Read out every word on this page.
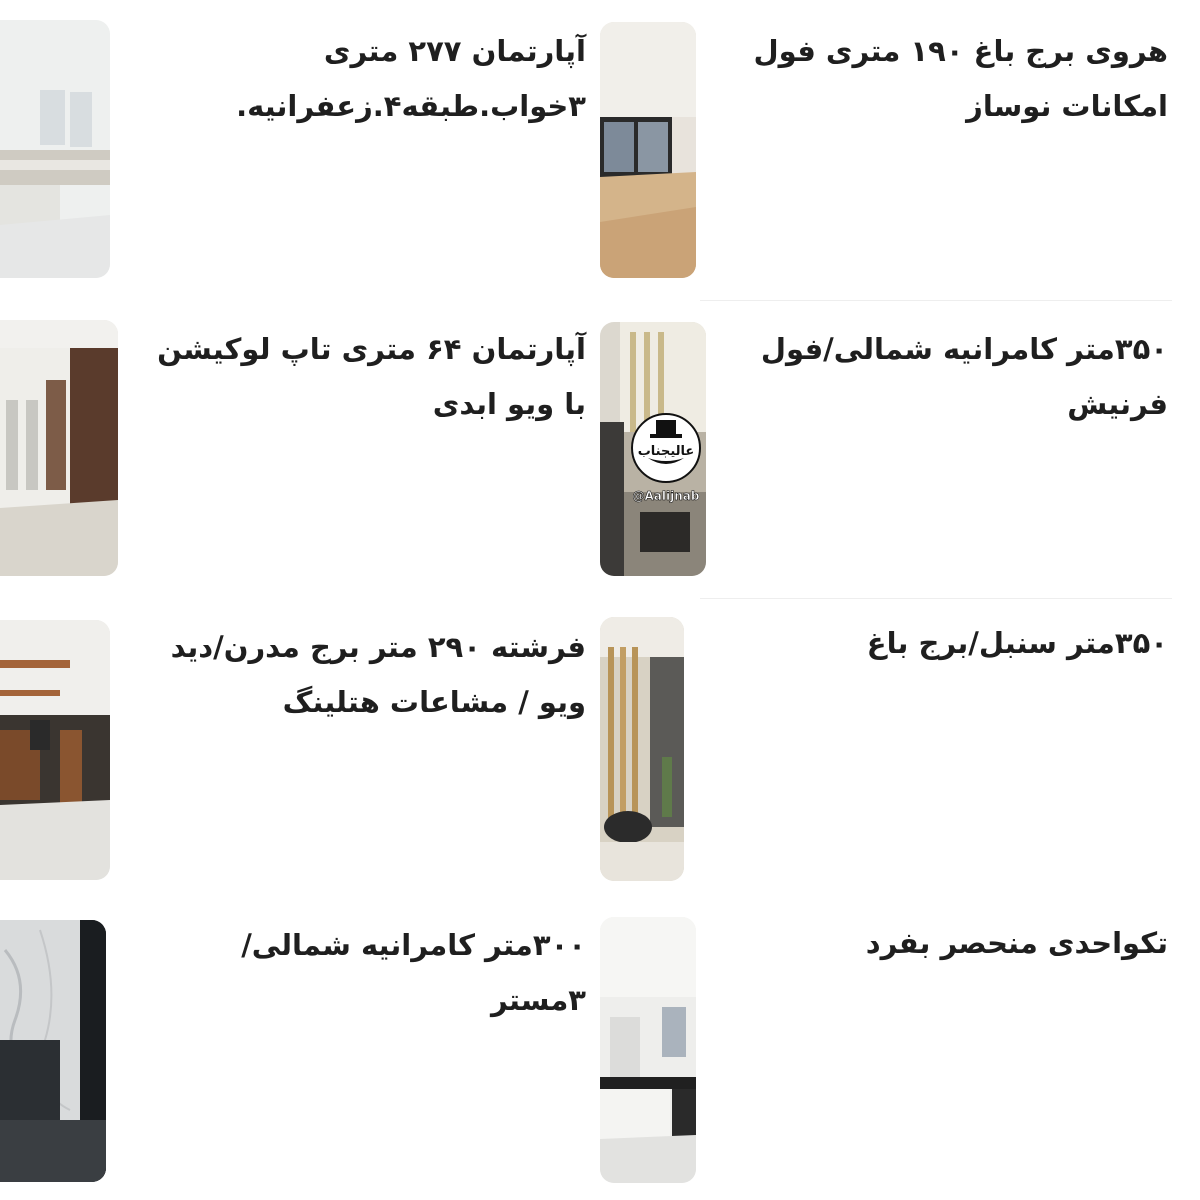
هروی برج باغ ۱۹۰ متری فول امکانات نوساز
آپارتمان ۲۷۷ متری ۳خواب.طبقه۴.زعفرانیه.
۳۵۰متر کامرانیه شمالی/فول فرنیش
آپارتمان ۶۴ متری تاپ لوکیشن با ویو ابدی
۳۵۰متر سنبل/برج باغ
فرشته ۲۹۰ متر برج مدرن/دید ویو / مشاعات هتلینگ
تکواحدی منحصر بفرد
۳۰۰متر کامرانیه شمالی/۳مستر
عالیجناب
@Aalijnab
